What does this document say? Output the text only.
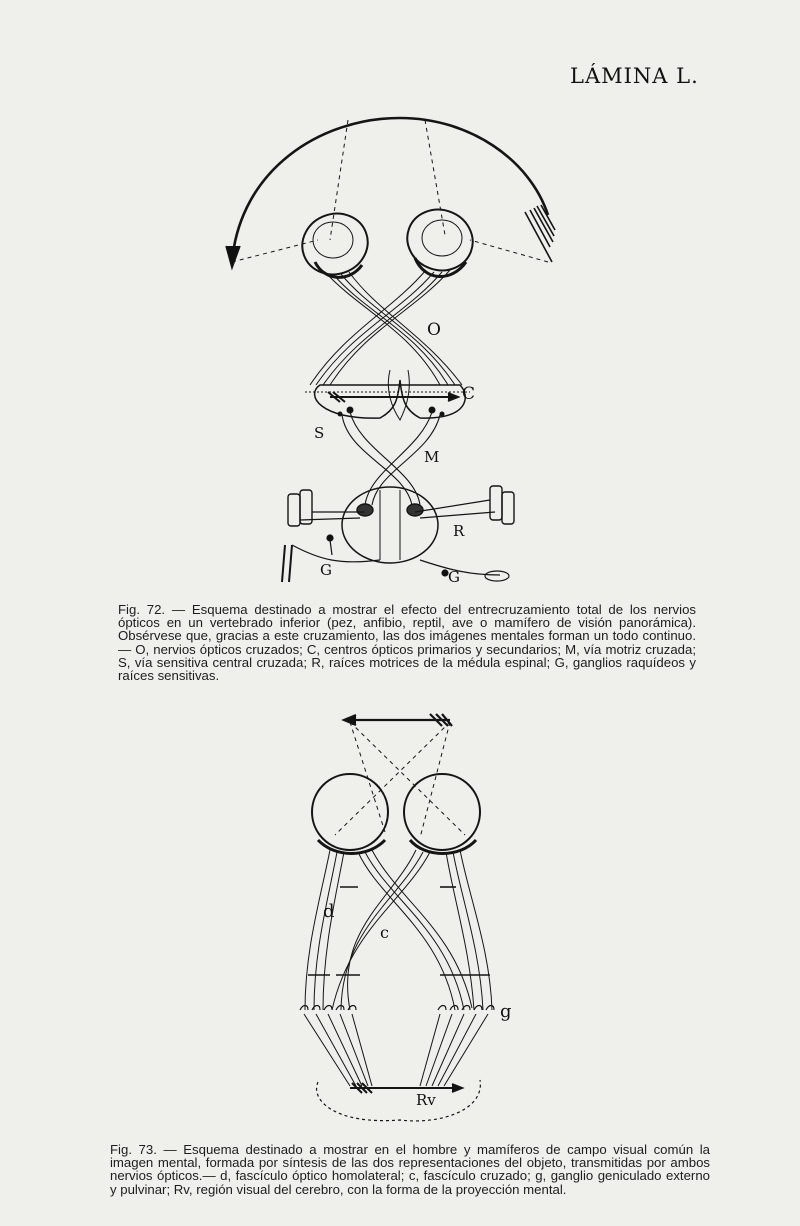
LÁMINA L.
O
C
S
M
R
G	G
Fig. 72. — Esquema destinado a mostrar el efecto del entrecruzamiento total de los nervios ópticos en un vertebrado inferior (pez, anfibio, reptil, ave o mamífero de visión panorámica). Obsérvese que, gracias a este cruzamiento, las dos imágenes mentales forman un todo continuo. — O, nervios ópticos cruzados; C, centros ópticos primarios y secundarios; M, vía motriz cruzada; S, vía sensitiva central cruzada; R, raíces motrices de la médula espinal; G, ganglios raquídeos y raíces sensitivas.
d
c
g
Rv
Fig. 73. — Esquema destinado a mostrar en el hombre y mamíferos de campo visual común la imagen mental, formada por síntesis de las dos representaciones del objeto, transmitidas por ambos nervios ópticos.— d, fascículo óptico homolateral; c, fascículo cruzado; g, ganglio geniculado externo y pulvinar; Rv, región visual del cerebro, con la forma de la proyección mental.
